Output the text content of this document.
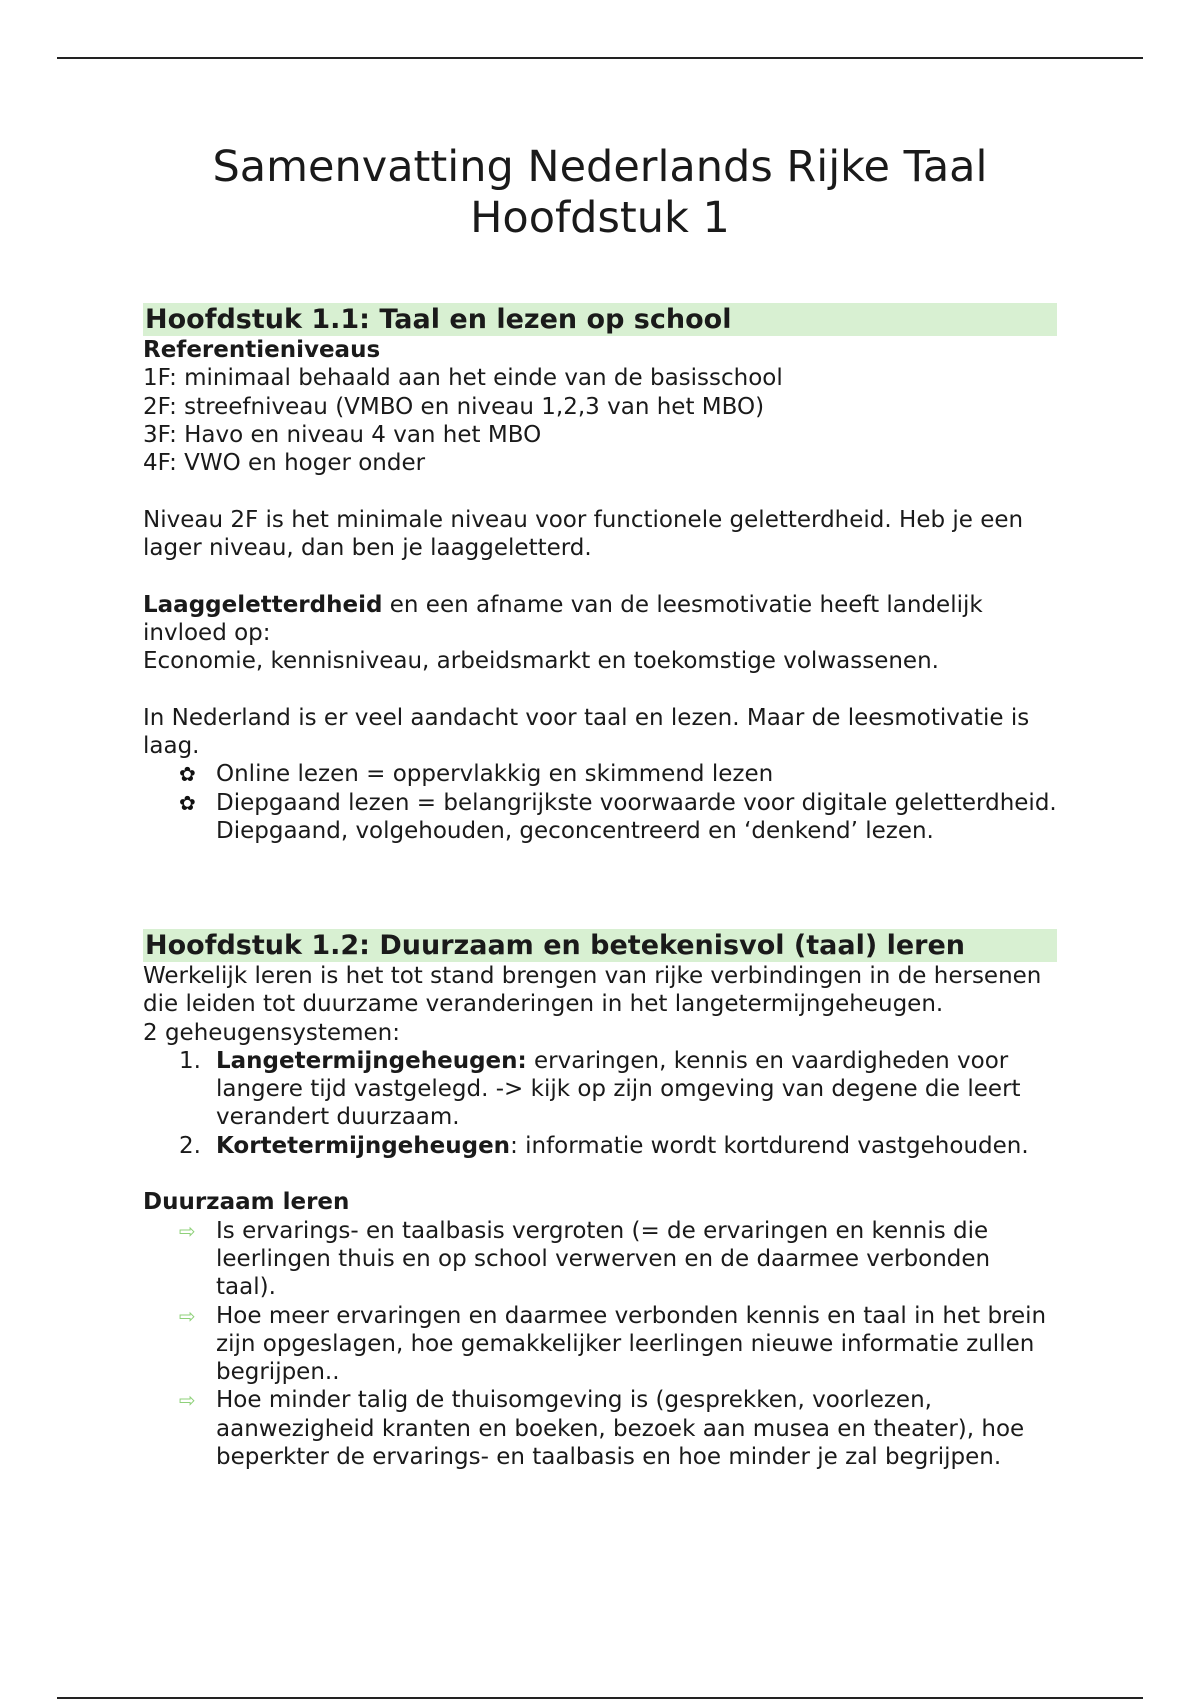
Samenvatting Nederlands Rijke Taal
Hoofdstuk 1
Hoofdstuk 1.1: Taal en lezen op school

Referentieniveaus

1F: minimaal behaald aan het einde van de basisschool

2F: streefniveau (VMBO en niveau 1,2,3 van het MBO)

3F: Havo en niveau 4 van het MBO

4F: VWO en hoger onder

Niveau 2F is het minimale niveau voor functionele geletterdheid. Heb je een lager niveau, dan ben je laaggeletterd.

Laaggeletterdheid en een afname van de leesmotivatie heeft landelijk invloed op:

Economie, kennisniveau, arbeidsmarkt en toekomstige volwassenen.

In Nederland is er veel aandacht voor taal en lezen. Maar de leesmotivatie is laag.

✿ Online lezen = oppervlakkig en skimmend lezen
✿ Diepgaand lezen = belangrijkste voorwaarde voor digitale geletterdheid. Diepgaand, volgehouden, geconcentreerd en ‘denkend’ lezen.
Hoofdstuk 1.2: Duurzaam en betekenisvol (taal) leren

Werkelijk leren is het tot stand brengen van rijke verbindingen in de hersenen die leiden tot duurzame veranderingen in het langetermijngeheugen.

2 geheugensystemen:

1. Langetermijngeheugen: ervaringen, kennis en vaardigheden voor langere tijd vastgelegd. -> kijk op zijn omgeving van degene die leert verandert duurzaam.
2. Kortetermijngeheugen: informatie wordt kortdurend vastgehouden.

Duurzaam leren

⇨ Is ervarings- en taalbasis vergroten (= de ervaringen en kennis die leerlingen thuis en op school verwerven en de daarmee verbonden taal).
⇨ Hoe meer ervaringen en daarmee verbonden kennis en taal in het brein zijn opgeslagen, hoe gemakkelijker leerlingen nieuwe informatie zullen begrijpen..
⇨ Hoe minder talig de thuisomgeving is (gesprekken, voorlezen, aanwezigheid kranten en boeken, bezoek aan musea en theater), hoe beperkter de ervarings- en taalbasis en hoe minder je zal begrijpen.
